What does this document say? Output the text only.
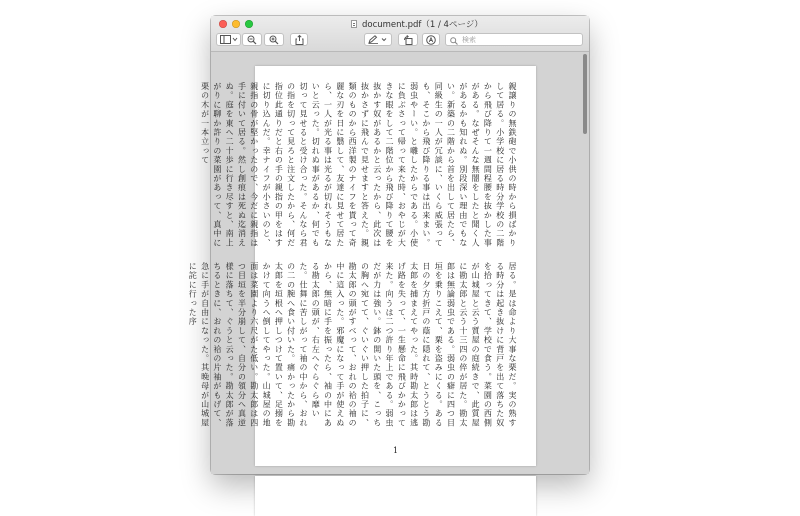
document.pdf（1 / 4ページ）
検索
親譲りの無鉄砲で小供の時から損ばかりして居る。小学校に居る時分学校の二階から飛び降りて一週間程腰を抜かした事がある。なぜそんな無闇をしたと聞く人があるかも知れぬ。別段深い理由でもない。新築の二階から首を出して居たら、同級生の一人が冗談に、いくら威張っても、そこから飛び降りる事は出来まい。弱虫やーい。と囃したからである。小使に負ぶさって帰って来た時、おやじが大きな眼をして二階位から飛び降りて腰を抜かす奴があるかと云ったから、此次は抜かさずに飛んで見せますと答えた。親類のものから西洋製のナイフを貰って奇麗な刃を日に翳して、友達に見せて居たら、一人が光る事は光るが切れそうもないと云った。切れぬ事があるか、何でも切って見せると受け合った。そんなら君の指を切って見ろと注文したから、何だ指位此通りだと右の手の親指の甲をはすに切り込んだ。幸ナイフが小さいのと、親指の骨が堅かったので、今だに親指は手に付いて居る。然し創痕は死ぬ迄消えぬ。庭を東へ二十歩に行き尽すと、南上がりに聊か許りの菜園があって、真中に栗の木が一本立って
居る。是は命より大事な栗だ。実の熟する時分は起き抜けに背戸を出て落ちた奴を拾ってきて、学校で食う。菜園の西側が山城屋と云う質屋の庭続きで、此質屋に勘太郎と云う十三四の倅が居た。勘太郎は無論弱虫である。弱虫の癖に四つ目垣を乗りこえて、栗を盗みにくる。ある日の夕方折戸の蔭に隠れて、とうとう勘太郎を捕まえてやった。其時勘太郎は逃げ路を失って、一生懸命に飛びかかって来た。向うは二つ許り年上である。弱虫だが力は強い。鉢の開いた頭を、こっちの胸へ宛てて、ぐいぐい押した拍子に、勘太郎の頭がすべって、おれの袷の袖の中に這入った。邪魔になって手が使えぬから、無暗に手を振ったら、袖の中にある勘太郎の頭が、右左へぐらぐら靡いた。仕舞に苦しがって袖の中から、おれの二の腕へ食い付いた。痛かったから勘太郎を垣根へ押しつけて置いて、足搦をかけて向うへ倒してやった。山城屋の地面は菜園より六尺がた低い。勘太郎は四つ目垣を半分崩して、自分の領分へ真逆様に落ちて、ぐうと云った。勘太郎が落ちるときに、おれの袷の片袖がもげて、急に手が自由になった。其晩母が山城屋に詫に行った序
1
